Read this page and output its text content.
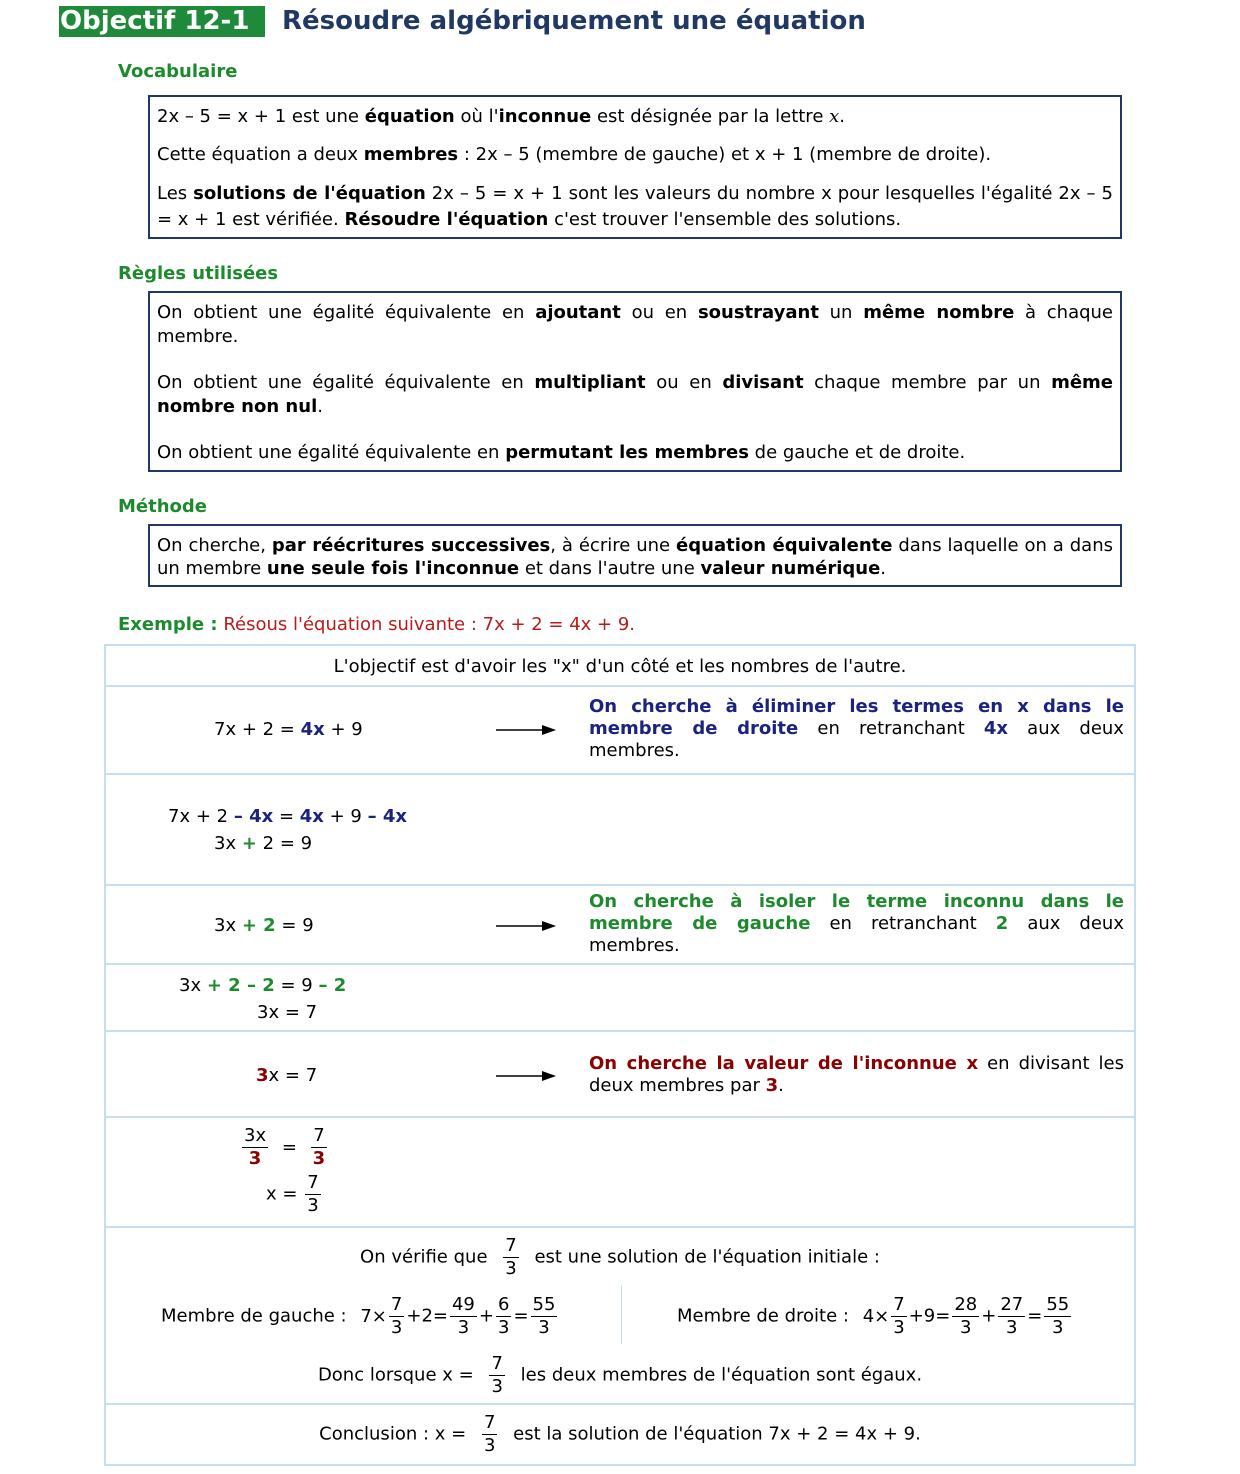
Objectif 12-1	Résoudre algébriquement une équation
Vocabulaire

2x – 5 = x + 1 est une équation où l'inconnue est désignée par la lettre x.

Cette équation a deux membres : 2x – 5 (membre de gauche) et x + 1 (membre de droite).

Les solutions de l'équation 2x – 5 = x + 1 sont les valeurs du nombre x pour lesquelles l'égalité 2x – 5 = x + 1 est vérifiée. Résoudre l'équation c'est trouver l'ensemble des solutions.

Règles utilisées

On obtient une égalité équivalente en ajoutant ou en soustrayant un même nombre à chaque membre.

On obtient une égalité équivalente en multipliant ou en divisant chaque membre par un même nombre non nul.

On obtient une égalité équivalente en permutant les membres de gauche et de droite.

Méthode

On cherche, par réécritures successives, à écrire une équation équivalente dans laquelle on a dans un membre une seule fois l'inconnue et dans l'autre une valeur numérique.

Exemple : Résous l'équation suivante : 7x + 2 = 4x + 9.
L'objectif est d'avoir les "x" d'un côté et les nombres de l'autre.
7x + 2 = 4x + 9
On cherche à éliminer les termes en x dans le membre de droite en retranchant 4x aux deux membres.
7x + 2 – 4x = 4x + 9 – 4x
3x + 2 = 9
3x + 2 = 9
On cherche à isoler le terme inconnu dans le membre de gauche en retranchant 2 aux deux membres.
3x + 2 – 2 = 9 – 2
3x = 7
3x = 7
On cherche la valeur de l'inconnue x en divisant les deux membres par 3.
$\frac{3x}{3} = \frac{7}{3}$
$x = \frac{7}{3}$
On vérifie que $\frac{7}{3}$ est une solution de l'équation initiale :
Membre de gauche : $7\times \frac{7}{3} +2= \frac{49}{3} + \frac{6}{3} = \frac{55}{3}$	Membre de droite : $4\times \frac{7}{3} +9= \frac{28}{3} + \frac{27}{3} = \frac{55}{3}$
Donc lorsque $x = \frac{7}{3}$ les deux membres de l'équation sont égaux.
Conclusion : $x = \frac{7}{3}$ est la solution de l'équation 7x + 2 = 4x + 9.
